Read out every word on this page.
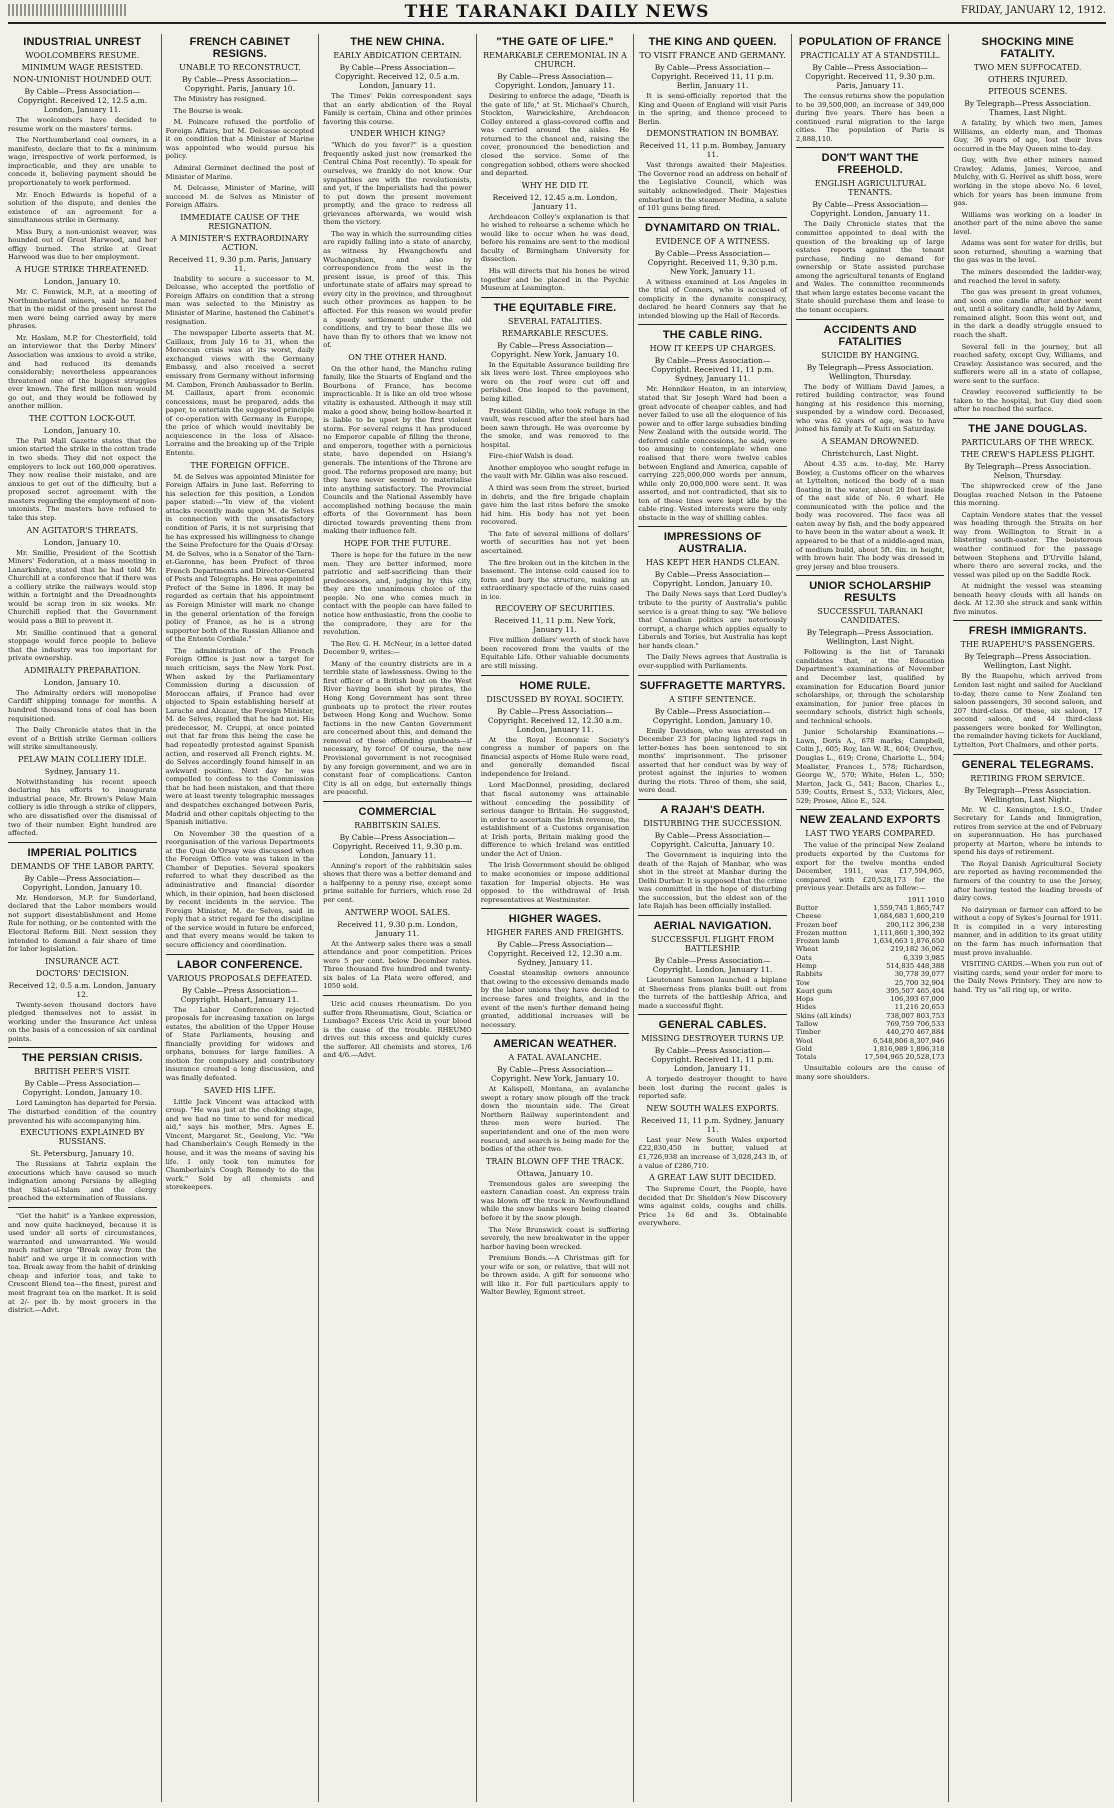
THE TARANAKI DAILY NEWS	FRIDAY, JANUARY 12, 1912.
INDUSTRIAL UNREST
WOOLCOMBERS RESUME.
MINIMUM WAGE RESISTED.
NON-UNIONIST HOUNDED OUT.
By Cable—Press Association—Copyright. Received 12, 12.5 a.m. London, January 11.

The woolcombers have decided to resume work on the masters' terms.

The Northumberland coal owners, in a manifesto, declare that to fix a minimum wage, irrespective of work performed, is impracticable, and they are unable to concede it, believing payment should be proportionately to work performed.

Mr. Enoch Edwards is hopeful of a solution of the dispute, and denies the existence of an agreement for a simultaneous strike in Germany.

Miss Bury, a non-unionist weaver, was hounded out of Great Harwood, and her effigy burned. The strike at Great Harwood was due to her employment.

A HUGE STRIKE THREATENED.
London, January 10.

Mr. C. Fenwick, M.P., at a meeting of Northumberland miners, said he feared that in the midst of the present unrest the men were being carried away by mere phrases.

Mr. Haslam, M.P. for Chesterfield, told an interviewer that the Derby Miners' Association was anxious to avoid a strike, and had reduced its demands considerably; nevertheless appearances threatened one of the biggest struggles ever known. The first million men would go out, and they would be followed by another million.

THE COTTON LOCK-OUT.
London, January 10.

The Pall Mall Gazette states that the union started the strike in the cotton trade in two sheds. They did not expect the employers to lock out 160,000 operatives. They now realise their mistake, and are anxious to get out of the difficulty, but a proposed secret agreement with the masters regarding the employment of non-unionists. The masters have refused to take this step.

AN AGITATOR'S THREATS.
London, January 10.

Mr. Smillie, President of the Scottish Miners' Federation, at a mass meeting in Lanarkshire, stated that he had told Mr. Churchill at a conference that if there was a colliery strike the railways would stop within a fortnight and the Dreadnoughts would be scrap iron in six weeks. Mr. Churchill replied that the Government would pass a Bill to prevent it.

Mr. Smillie continued that a general stoppage would force people to believe that the industry was too important for private ownership.

ADMIRALTY PREPARATION.
London, January 10.

The Admiralty orders will monopolise Cardiff shipping tonnage for months. A hundred thousand tons of coal has been requisitioned.

The Daily Chronicle states that in the event of a British strike German colliers will strike simultaneously.

PELAW MAIN COLLIERY IDLE.
Sydney, January 11.

Notwithstanding his recent speech declaring his efforts to inaugurate industrial peace, Mr. Brown's Pelaw Main colliery is idle through a strike of clippers, who are dissatisfied over the dismissal of two of their number. Eight hundred are affected.

IMPERIAL POLITICS
DEMANDS OF THE LABOR PARTY.
By Cable—Press Association—Copyright. London, January 10.

Mr. Henderson, M.P. for Sunderland, declared that the Labor members would not support disestablishment and Home Rule for nothing, or be contented with the Electoral Reform Bill. Next session they intended to demand a fair share of time for labor legislation.

INSURANCE ACT.
DOCTORS' DECISION.
Received 12, 0.5 a.m. London, January 12.

Twenty-seven thousand doctors have pledged themselves not to assist in working under the Insurance Act unless on the basis of a concession of six cardinal points.

THE PERSIAN CRISIS.
BRITISH PEER'S VISIT.
By Cable—Press Association—Copyright. London, January 10.

Lord Lamington has departed for Persia. The disturbed condition of the country prevented his wife accompanying him.

EXECUTIONS EXPLAINED BY RUSSIANS.
St. Petersburg, January 10.

The Russians at Tabriz explain the executions which have caused so much indignation among Persians by alleging that Sikat-ul-Islam and the clergy preached the extermination of Russians.

"Get the habit" is a Yankee expression, and now quite hackneyed, because it is used under all sorts of circumstances, warranted and unwarranted. We would much rather urge "Break away from the habit" and we urge it in connection with tea. Break away from the habit of drinking cheap and inferior teas, and take to Crescent Blend tea—the finest, purest and most fragrant tea on the market. It is sold at 2/- per lb. by most grocers in the district.—Advt.

FRENCH CABINET RESIGNS.
UNABLE TO RECONSTRUCT.
By Cable—Press Association—Copyright. Paris, January 10.

The Ministry has resigned.

The Bourse is weak.

M. Poincare refused the portfolio of Foreign Affairs, but M. Delcasse accepted it on condition that a Minister of Marine was appointed who would pursue his policy.

Admiral Germinet declined the post of Minister of Marine.

M. Delcasse, Minister of Marine, will succeed M. de Selves as Minister of Foreign Affairs.

IMMEDIATE CAUSE OF THE RESIGNATION.
A MINISTER'S EXTRAORDINARY ACTION.
Received 11, 9.30 p.m. Paris, January 11.

Inability to secure a successor to M. Delcasse, who accepted the portfolio of Foreign Affairs on condition that a strong man was selected to the Ministry as Minister of Marine, hastened the Cabinet's resignation.

The newspaper Liberte asserts that M. Caillaux, from July 16 to 31, when the Moroccan crisis was at its worst, daily exchanged views with the Germany Embassy, and also received a secret emissary from Germany without informing M. Cambon, French Ambassador to Berlin. M. Caillaux, apart from economic concessions, must be prepared, adds the paper, to entertain the suggested principle of co-operation with Germany in Europe, the price of which would inevitably be acquiescence in the loss of Alsace-Lorraine and the breaking up of the Triple Entente.

THE FOREIGN OFFICE.

M. de Selves was appointed Minister for Foreign Affairs in June last. Referring to his selection for this position, a London paper stated:—"In view of the violent attacks recently made upon M. de Selves in connection with the unsatisfactory condition of Paris, it is not surprising that he has expressed his willingness to change the Seine Prefecture for the Quais d'Orsay. M. de Selves, who is a Senator of the Tarn-et-Garonne, has been Prefect of three French Departments and Director-General of Posts and Telegraphs. He was appointed Prefect of the Seine in 1896. It may be regarded as certain that his appointment as Foreign Minister will mark no change in the general orientation of the foreign policy of France, as he is a strong supporter both of the Russian Alliance and of the Entente Cordiale."

The administration of the French Foreign Office is just now a target for much criticism, says the New York Post. When asked by the Parliamentary Commission during a discussion of Moroccan affairs, if France had ever objected to Spain establishing herself at Larache and Alcazar, the Foreign Minister, M. de Selves, replied that he had not. His predecessor, M. Cruppi, at once pointed out that far from this being the case he had repeatedly protested against Spanish action, and reserved all French rights. M. de Selves accordingly found himself in an awkward position. Next day he was compelled to confess to the Commission that he had been mistaken, and that there were at least twenty telegraphic messages and despatches exchanged between Paris, Madrid and other capitals objecting to the Spanish initiative.

On November 30 the question of a reorganisation of the various Departments at the Quai de'Orsay was discussed when the Foreign Office vote was taken in the Chamber of Deputies. Several speakers referred to what they described as the administrative and financial disorder which, in their opinion, had been disclosed by recent incidents in the service. The Foreign Minister, M. de Selves, said in reply that a strict regard for the discipline of the service would in future be enforced, and that every means would be taken to secure efficiency and coordination.

LABOR CONFERENCE.
VARIOUS PROPOSALS DEFEATED.
By Cable—Press Association—Copyright. Hobart, January 11.

The Labor Conference rejected proposals for increasing taxation on large estates, the abolition of the Upper House of State Parliaments, housing and financially providing for widows and orphans, bonuses for large families. A motion for compulsory and contributory insurance created a long discussion, and was finally defeated.

SAVED HIS LIFE.

Little Jack Vincent was attacked with croup. "He was just at the choking stage, and we had no time to send for medical aid," says his mother, Mrs. Agnes E. Vincent, Margaret St., Geelong, Vic. "We had Chamberlain's Cough Remedy in the house, and it was the means of saving his life. I only took ten minutes for Chamberlain's Cough Remedy to do the work." Sold by all chemists and storekeepers.

THE NEW CHINA.
EARLY ABDICATION CERTAIN.
By Cable—Press Association—Copyright. Received 12, 0.5 a.m. London, January 11.

The Times' Pekin correspondent says that an early abdication of the Royal Family is certain, China and other princes favoring this course.

UNDER WHICH KING?

"Which do you favor?" is a question frequently asked just now (remarked the Central China Post recently). To speak for ourselves, we frankly do not know. Our sympathies are with the revolutionists, and yet, if the Imperialists had the power to put down the present movement promptly, and the grace to redress all grievances afterwards, we would wish them the victory.

The way in which the surrounding cities are rapidly falling into a state of anarchy, as witness by Hwangchowfu and Wuchangshien, and also by correspondence from the west in the present issue, is proof of this. This unfortunate state of affairs may spread to every city in the province, and throughout such other provinces as happen to be affected. For this reason we would prefer a speedy settlement under the old conditions, and try to bear those ills we have than fly to others that we know not of.

ON THE OTHER HAND.

On the other hand, the Manchu ruling family, like the Stuarts of England and the Bourbons of France, has become impracticable. It is like an old tree whose vitality is exhausted. Although it may still make a good show, being hollow-hearted it is liable to be upset by the first violent storm. For several reigns it has produced no Emperor capable of filling the throne, and emperors, together with a pernicious state, have depended on Hsiang's generals. The intentions of the Throne are good. The reforms proposed are many; but they have never seemed to materialise into anything satisfactory. The Provincial Councils and the National Assembly have accomplished nothing because the main efforts of the Government has been directed towards preventing them from making their influence felt.

HOPE FOR THE FUTURE.

There is hope for the future in the new men. They are better informed, more patriotic and self-sacrificing than their predecessors, and, judging by this city, they are the unanimous choice of the people. No one who comes much in contact with the people can have failed to notice how enthusiastic, from the coolie to the compradore, they are for the revolution.

The Rev. G. H. McNeur, in a letter dated December 9, writes:—

Many of the country districts are in a terrible state of lawlessness. Owing to the first officer of a British boat on the West River having been shot by pirates, the Hong Kong Government has sent three gunboats up to protect the river routes between Hong Kong and Wuchow. Some factions in the new Canton Government are concerned about this, and demand the removal of these offending gunboats—if necessary, by force! Of course, the new Provisional government is not recognised by any foreign government, and we are in constant fear of complications. Canton City is all on edge, but externally things are peaceful.

COMMERCIAL
RABBITSKIN SALES.
By Cable—Press Association—Copyright. Received 11, 9.30 p.m. London, January 11.

Anning's report of the rabbitskin sales shows that there was a better demand and a halfpenny to a penny rise, except some prime suitable for furriers, which rose 2d per cent.

ANTWERP WOOL SALES.
Received 11, 9.30 p.m. London, January 11.

At the Antwerp sales there was a small attendance and poor competition. Prices were 5 per cent. below December rates. Three thousand five hundred and twenty-six bales of La Plata were offered, and 1050 sold.

Uric acid causes rheumatism. Do you suffer from Rheumatism, Gout, Sciatica or Lumbago? Excess Uric Acid in your blood is the cause of the trouble. RHEUMO drives out this excess and quickly cures the sufferer. All chemists and stores, 1/6 and 4/6.—Advt.

"THE GATE OF LIFE."
REMARKABLE CEREMONIAL IN A CHURCH.
By Cable—Press Association—Copyright. London, January 11.

Desiring to enforce the adage, "Death is the gate of life," at St. Michael's Church, Stockton, Warwickshire, Archdeacon Colley entered a glass-covered coffin and was carried around the aisles. He returned to the chancel and, raising the cover, pronounced the benediction and closed the service. Some of the congregation sobbed, others were shocked and departed.

WHY HE DID IT.
Received 12, 12.45 a.m. London, January 11.

Archdeacon Colley's explanation is that he wished to rehearse a scheme which he would like to occur when he was dead, before his remains are sent to the medical faculty of Birmingham University for dissection.

His will directs that his bones be wired together and be placed in the Psychic Museum at Leamington.

THE EQUITABLE FIRE.
SEVERAL FATALITIES.
REMARKABLE RESCUES.
By Cable—Press Association—Copyright. New York, January 10.

In the Equitable Assurance building fire six lives were lost. Three employees who were on the roof were cut off and perished. One leaped to the pavement, being killed.

President Giblin, who took refuge in the vault, was rescued after the steel bars had been sawn through. He was overcome by the smoke, and was removed to the hospital.

Fire-chief Walsh is dead.

Another employee who sought refuge in the vault with Mr. Giblin was also rescued.

A third was seen from the street, buried in debris, and the fire brigade chaplain gave him the last rites before the smoke hid him. His body has not yet been recovered.

The fate of several millions of dollars' worth of securities has not yet been ascertained.

The fire broken out in the kitchen in the basement. The intense cold caused ice to form and bury the structure, making an extraordinary spectacle of the ruins cased in ice.

RECOVERY OF SECURITIES.
Received 11, 11 p.m. New York, January 11.

Five million dollars' worth of stock have been recovered from the vaults of the Equitable Life. Other valuable documents are still missing.

HOME RULE.
DISCUSSED BY ROYAL SOCIETY.
By Cable—Press Association—Copyright. Received 12, 12.30 a.m. London, January 11.

At the Royal Economic Society's congress a number of papers on the financial aspects of Home Rule were read, and generally demanded fiscal independence for Ireland.

Lord MacDonnel, presiding, declared that fiscal autonomy was attainable without conceding the possibility of serious danger to Britain. He suggested, in order to ascertain the Irish revenue, the establishment of a Customs organisation at Irish ports, Britain making good the difference to which Ireland was entitled under the Act of Union.

The Irish Government should be obliged to make economies or impose additional taxation for Imperial objects. He was opposed to the withdrawal of Irish representatives at Westminster.

HIGHER WAGES.
HIGHER FARES AND FREIGHTS.
By Cable—Press Association—Copyright. Received 12, 12.30 a.m. Sydney, January 11.

Coastal steamship owners announce that owing to the excessive demands made by the labor unions they have decided to increase fares and freights, and in the event of the men's further demand being granted, additional increases will be necessary.

AMERICAN WEATHER.
A FATAL AVALANCHE.
By Cable—Press Association—Copyright. New York, January 10.

At Kalispell, Montana, an avalanche swept a rotary snow plough off the track down the mountain side. The Great Northern Railway superintendent and three men were buried. The superintendent and one of the men were rescued, and search is being made for the bodies of the other two.

TRAIN BLOWN OFF THE TRACK.
Ottawa, January 10.

Tremendous gales are sweeping the eastern Canadian coast. An express train was blown off the track in Newfoundland while the snow banks were being cleared before it by the snow plough.

The New Brunswick coast is suffering severely, the new breakwater in the upper harbor having been wrecked.

Premium Bonds.—A Christmas gift for your wife or son, or relative, that will not be thrown aside. A gift for someone who will like it. For full particulars apply to Walter Bewley, Egmont street.

THE KING AND QUEEN.
TO VISIT FRANCE AND GERMANY.
By Cable—Press Association—Copyright. Received 11, 11 p.m. Berlin, January 11.

It is semi-officially reported that the King and Queen of England will visit Paris in the spring, and thence proceed to Berlin.

DEMONSTRATION IN BOMBAY.
Received 11, 11 p.m. Bombay, January 11.

Vast throngs awaited their Majesties. The Governor read an address on behalf of the Legislative Council, which was suitably acknowledged. Their Majesties embarked in the steamer Medina, a salute of 101 guns being fired.

DYNAMITARD ON TRIAL.
EVIDENCE OF A WITNESS.
By Cable—Press Association—Copyright. Received 11, 9.30 p.m. New York, January 11.

A witness examined at Los Angeles in the trial of Conners, who is accused of complicity in the dynamite conspiracy, declared he heard Conners say that he intended blowing up the Hall of Records.

THE CABLE RING.
HOW IT KEEPS UP CHARGES.
By Cable—Press Association—Copyright. Received 11, 11 p.m. Sydney, January 11.

Mr. Henniker Heaton, in an interview, stated that Sir Joseph Ward had been a great advocate of cheaper cables, and had never failed to use all the eloquence of his power and to offer large subsidies binding New Zealand with the outside world. The deferred cable concessions, he said, were too amusing to contemplate when one realised that there were twelve cables between England and America, capable of carrying 225,000,000 words per annum, while only 20,000,000 were sent. It was asserted, and not contradicted, that six to ten of these lines were kept idle by the cable ring. Vested interests were the only obstacle in the way of shilling cables.

IMPRESSIONS OF AUSTRALIA.
HAS KEPT HER HANDS CLEAN.
By Cable—Press Association—Copyright. London, January 10.

The Daily News says that Lord Dudley's tribute to the purity of Australia's public service is a great thing to say. "We believe that Canadian politics are notoriously corrupt, a charge which applies equally to Liberals and Tories, but Australia has kept her hands clean."

The Daily News agrees that Australia is over-supplied with Parliaments.

SUFFRAGETTE MARTYRS.
A STIFF SENTENCE.
By Cable—Press Association—Copyright. London, January 10.

Emily Davidson, who was arrested on December 23 for placing lighted rags in letter-boxes has been sentenced to six months' imprisonment. The prisoner asserted that her conduct was by way of protest against the injuries to women during the riots. Three of them, she said, were dead.

A RAJAH'S DEATH.
DISTURBING THE SUCCESSION.
By Cable—Press Association—Copyright. Calcutta, January 10.

The Government is inquiring into the death of the Rajah of Manbar, who was shot in the street at Manbar during the Delhi Durbar. It is supposed that the crime was committed in the hope of disturbing the succession, but the eldest son of the late Rajah has been officially installed.

AERIAL NAVIGATION.
SUCCESSFUL FLIGHT FROM BATTLESHIP.
By Cable—Press Association—Copyright. London, January 11.

Lieutenant Samson launched a biplane at Sheerness from planks built out from the turrets of the battleship Africa, and made a successful flight.

GENERAL CABLES.
MISSING DESTROYER TURNS UP.
By Cable—Press Association—Copyright. Received 11, 11 p.m. London, January 11.

A torpedo destroyer thought to have been lost during the recent gales is reported safe.

NEW SOUTH WALES EXPORTS.
Received 11, 11 p.m. Sydney, January 11.

Last year New South Wales exported £22,830,450 in butter, valued at £1,726,938 an increase of 3,028,243 lb, of a value of £286,710.

A GREAT LAW SUIT DECIDED.

The Supreme Court, the People, have decided that Dr. Sheldon's New Discovery wins against colds, coughs and chills. Price 1s 6d and 3s. Obtainable everywhere.

POPULATION OF FRANCE
PRACTICALLY AT A STANDSTILL.
By Cable—Press Association—Copyright. Received 11, 9.30 p.m. Paris, January 11.

The census returns show the population to be 39,500,000, an increase of 349,000 during five years. There has been a continued rural migration to the large cities. The population of Paris is 2,888,110.

DON'T WANT THE FREEHOLD.
ENGLISH AGRICULTURAL TENANTS.
By Cable—Press Association—Copyright. London, January 11.

The Daily Chronicle states that the committee appointed to deal with the question of the breaking up of large estates reports against the tenant purchase, finding no demand for ownership or State assisted purchase among the agricultural tenants of England and Wales. The committee recommends that when large estates become vacant the State should purchase them and lease to the tenant occupiers.

ACCIDENTS AND FATALITIES
SUICIDE BY HANGING.
By Telegraph—Press Association. Wellington, Thursday.

The body of William David James, a retired building contractor, was found hanging at his residence this morning, suspended by a window cord. Deceased, who was 62 years of age, was to have joined his family at Te Kuiti on Saturday.

A SEAMAN DROWNED.
Christchurch, Last Night.

About 4.35 a.m. to-day, Mr. Harry Bowley, a Customs officer on the wharves at Lyttelton, noticed the body of a man floating in the water, about 20 feet inside of the east side of No. 6 wharf. He communicated with the police and the body was recovered. The face was all eaten away by fish, and the body appeared to have been in the water about a week. It appeared to be that of a middle-aged man, of medium build, about 5ft. 6in. in height, with brown hair. The body was dressed in grey jersey and blue trousers.

UNIOR SCHOLARSHIP RESULTS
SUCCESSFUL TARANAKI CANDIDATES.
By Telegraph—Press Association. Wellington, Last Night.

Following is the list of Taranaki candidates that, at the Education Department's examinations of November and December last, qualified by examination for Education Board junior scholarships, or, through the scholarship examination, for junior free places in secondary schools, district high schools, and technical schools.

Junior Scholarship Examinations.—Lawn, Doris A., 678 marks; Campbell, Colin J., 605; Roy, Ian W. R., 604; Overhve, Douglas L., 619; Crone, Charlotte L., 504; Mealister, Frances I., 578; Richardson, George W., 570; White, Helen L., 550; Merton, Jack G., 541; Bacon, Charles L., 539; Coutts, Ernest S., 533; Vickers, Alec, 529; Prosee, Alice E., 524.

NEW ZEALAND EXPORTS
LAST TWO YEARS COMPARED.

The value of the principal New Zealand products exported by the Customs for export for the twelve months ended December, 1911, was £17,594,965, compared with £20,528,173 for the previous year. Details are as follow:—

1911 1910
Butter	1,559,745 1,865,747
Cheese	1,684,683 1,600,219
Frozen beef	290,112 396,238
Frozen mutton	1,111,860 1,390,392
Frozen lamb	1,634,663 1,876,650
Wheat	219,182 36,062
Oats	6,339 3,985
Hemp	514,835 448,388
Rabbits	30,778 39,077
Tow	25,700 32,904
Kauri gum	395,507 465,404
Hops	106,393 67,000
Hides	11,216 20,653
Skins (all kinds)	738,007 803,753
Tallow	769,759 706,533
Timber	440,270 467,884
Wool	6,548,806 8,307,946
Gold	1,816,989 1,896,318
Totals	17,594,965 20,528,173

Unsuitable colours are the cause of many sore shoulders.

SHOCKING MINE FATALITY.
TWO MEN SUFFOCATED.
OTHERS INJURED.
PITEOUS SCENES.
By Telegraph—Press Association. Thames, Last Night.

A fatality, by which two men, James Williams, an elderly man, and Thomas Guy, 36 years of age, lost their lives occurred in the May Queen mine to-day.

Guy, with five other miners named Crawley, Adams, James, Vercoe, and Mulchy, with G. Herivel as shift boss, were working in the stope above No. 6 level, which for years has been immune from gas.

Williams was working on a leader in another part of the mine above the same level.

Adams was sent for water for drills, but soon returned, shouting a warning that the gas was in the level.

The miners descended the ladder-way, and reached the level in safety.

The gas was present in great volumes, and soon one candle after another went out, until a solitary candle, held by Adams, remained alight. Soon this went out, and in the dark a deadly struggle ensued to reach the shaft.

Several fell in the journey, but all reached safety, except Guy, Williams, and Crawley. Assistance was secured, and the sufferers were all in a state of collapse, were sent to the surface.

Crawley recovered sufficiently to be taken to the hospital, but Guy died soon after he reached the surface.

THE JANE DOUGLAS.
PARTICULARS OF THE WRECK.
THE CREW'S HAPLESS PLIGHT.
By Telegraph—Press Association. Nelson, Thursday.

The shipwrecked crew of the Jane Douglas reached Nelson in the Patoene this morning.

Captain Vendore states that the vessel was heading through the Straits on her way from Wellington to Strait in a blistering south-easter. The boisterous weather continued for the passage between Stephens and D'Urville Island, where there are several rocks, and the vessel was piled up on the Saddle Rock.

At midnight the vessel was steaming beneath heavy clouds with all hands on deck. At 12.30 she struck and sank within five minutes.

FRESH IMMIGRANTS.
THE RUAPEHU'S PASSENGERS.
By Telegraph—Press Association. Wellington, Last Night.

By the Ruapehu, which arrived from London last night and sailed for Auckland to-day, there came to New Zealand ten saloon passengers, 30 second saloon, and 207 third-class. Of these, six saloon, 17 second saloon, and 44 third-class passengers were booked for Wellington, the remainder having tickets for Auckland, Lyttelton, Port Chalmers, and other ports.

GENERAL TELEGRAMS.
RETIRING FROM SERVICE.
By Telegraph—Press Association. Wellington, Last Night.

Mr. W. C. Kensington, I.S.O., Under Secretary for Lands and Immigration, retires from service at the end of February on superannuation. He has purchased property at Marton, where he intends to spend his days of retirement.

The Royal Danish Agricultural Society are reported as having recommended the farmers of the country to use the Jersey, after having tested the leading breeds of dairy cows.

No dairyman or farmer can afford to be without a copy of Sykes's Journal for 1911. It is compiled in a very interesting manner, and in addition to its great utility on the farm has much information that must prove invaluable.

VISITING CARDS.—When you run out of visiting cards, send your order for more to the Daily News Printery. They are now to hand. Try us "all ring up, or write.
